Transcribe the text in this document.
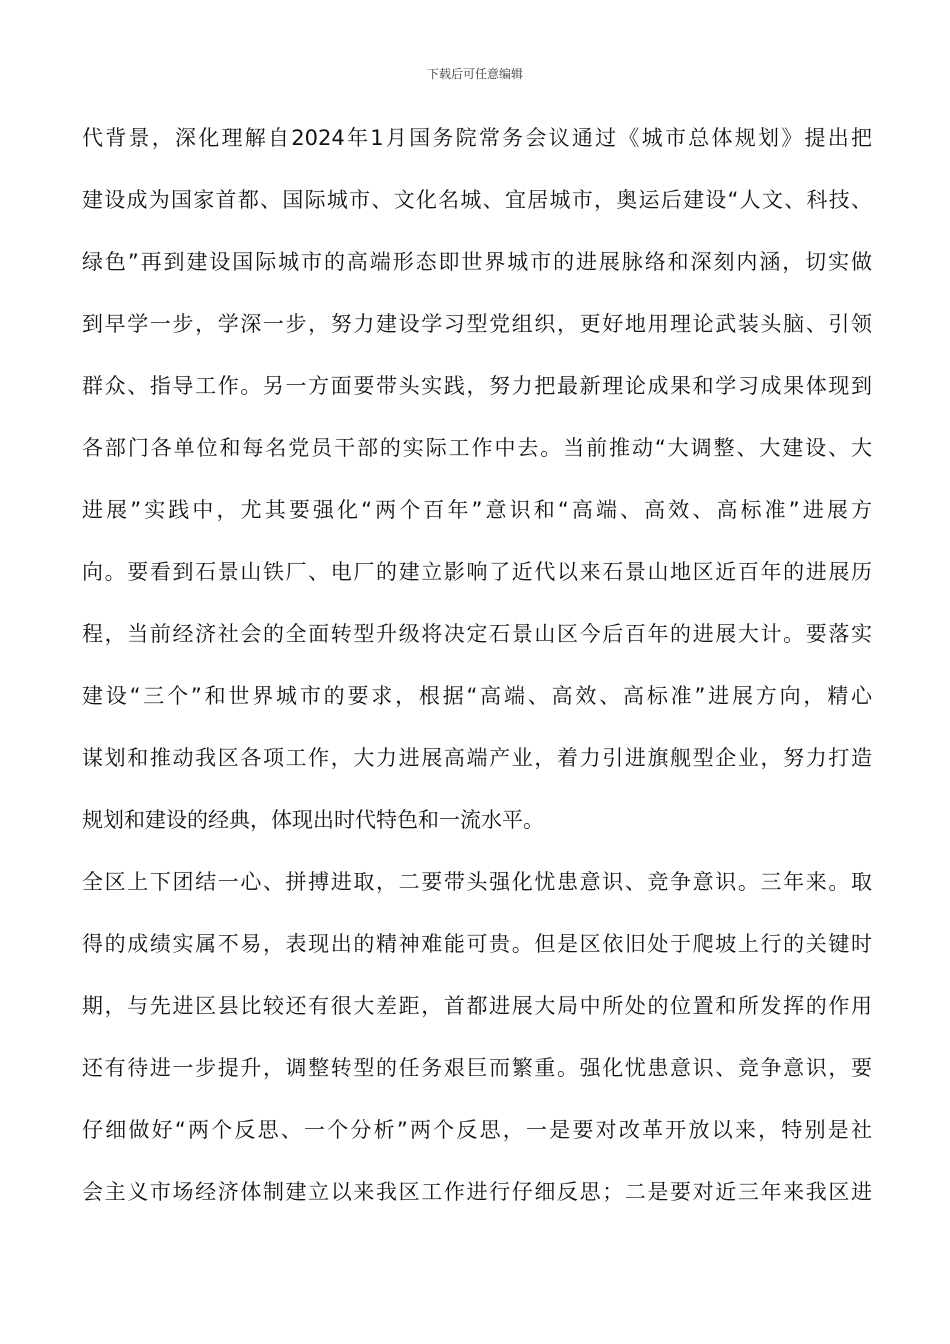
下载后可任意编辑
代背景，深化理解自2024年1月国务院常务会议通过《城市总体规划》提出把
建设成为国家首都、国际城市、文化名城、宜居城市，奥运后建设“人文、科技、
绿色”再到建设国际城市的高端形态即世界城市的进展脉络和深刻内涵，切实做
到早学一步，学深一步，努力建设学习型党组织，更好地用理论武装头脑、引领
群众、指导工作。另一方面要带头实践，努力把最新理论成果和学习成果体现到
各部门各单位和每名党员干部的实际工作中去。当前推动“大调整、大建设、大
进展”实践中，尤其要强化“两个百年”意识和“高端、高效、高标准”进展方
向。要看到石景山铁厂、电厂的建立影响了近代以来石景山地区近百年的进展历
程，当前经济社会的全面转型升级将决定石景山区今后百年的进展大计。要落实
建设“三个”和世界城市的要求，根据“高端、高效、高标准”进展方向，精心
谋划和推动我区各项工作，大力进展高端产业，着力引进旗舰型企业，努力打造
规划和建设的经典，体现出时代特色和一流水平。
全区上下团结一心、拼搏进取，二要带头强化忧患意识、竞争意识。三年来。取
得的成绩实属不易，表现出的精神难能可贵。但是区依旧处于爬坡上行的关键时
期，与先进区县比较还有很大差距，首都进展大局中所处的位置和所发挥的作用
还有待进一步提升，调整转型的任务艰巨而繁重。强化忧患意识、竞争意识，要
仔细做好“两个反思、一个分析”两个反思，一是要对改革开放以来，特别是社
会主义市场经济体制建立以来我区工作进行仔细反思；二是要对近三年来我区进
